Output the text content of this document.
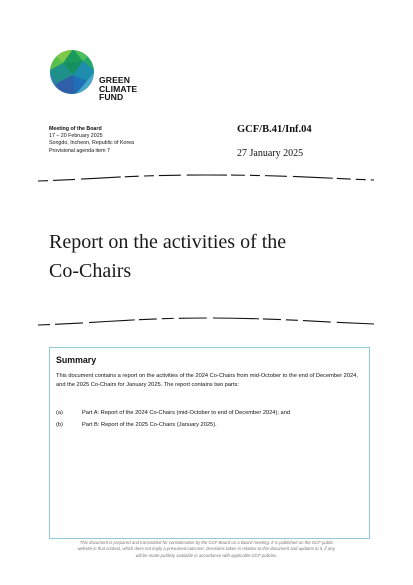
GREEN
CLIMATE
FUND
Meeting of the Board
17 – 20 February 2025
Songdo, Incheon, Republic of Korea
Provisional agenda item 7
GCF/B.41/Inf.04
27 January 2025
Report on the activities of the
Co-Chairs
Summary
This document contains a report on the activities of the 2024 Co-Chairs from mid-October to the end of December 2024, and the 2025 Co-Chairs for January 2025. The report contains two parts:
(a)	Part A: Report of the 2024 Co-Chairs (mid-October to end of December 2024); and
(b)	Part B: Report of the 2025 Co-Chairs (January 2025).
This document is prepared and transmitted for consideration by the GCF Board on a Board meeting. It is published on the GCF public
website in that context, which does not imply a presumed outcome. Decisions taken in relation to this document and updates to it, if any,
will be made publicly available in accordance with applicable GCF policies.
